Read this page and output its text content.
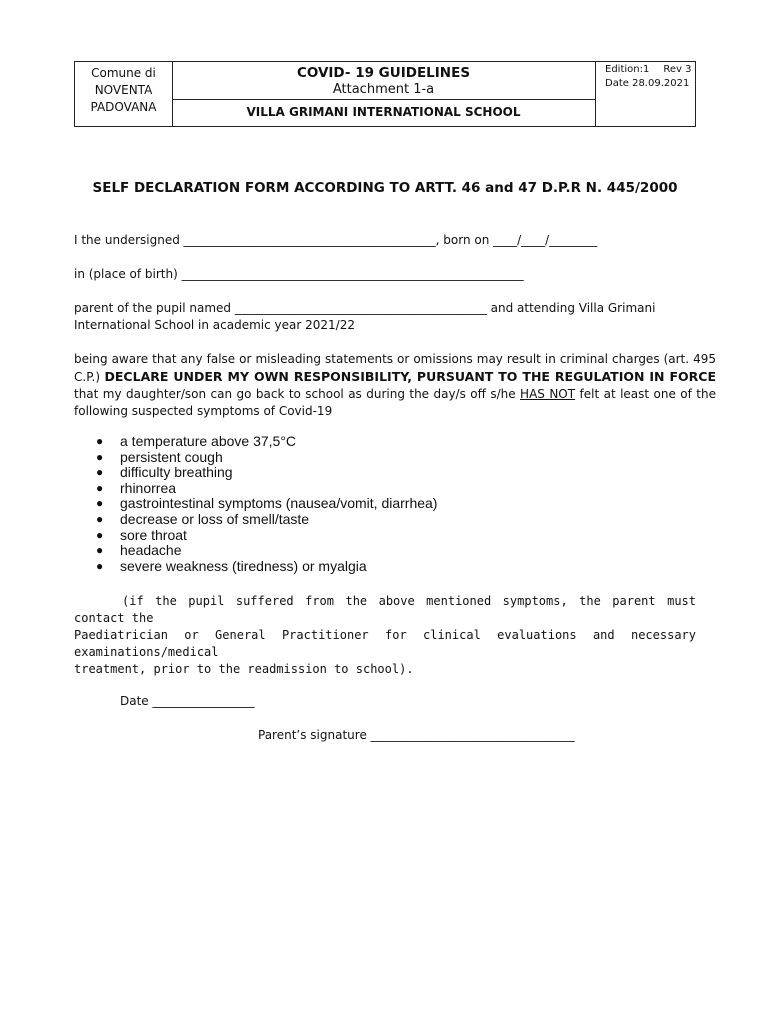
Comune di
NOVENTA
PADOVANA
COVID- 19 GUIDELINES
Attachment 1-a
VILLA GRIMANI INTERNATIONAL SCHOOL
Edition:1 Rev 3
Date 28.09.2021
SELF DECLARATION FORM ACCORDING TO ARTT. 46 and 47 D.P.R N. 445/2000
I the undersigned __________________________________________, born on ____/____/________
in (place of birth) _________________________________________________________
parent of the pupil named __________________________________________ and attending Villa Grimani
International School in academic year 2021/22
being aware that any false or misleading statements or omissions may result in criminal charges (art. 495 C.P.) DECLARE UNDER MY OWN RESPONSIBILITY, PURSUANT TO THE REGULATION IN FORCE that my daughter/son can go back to school as during the day/s off s/he HAS NOT felt at least one of the following suspected symptoms of Covid-19
● a temperature above 37,5°C
● persistent cough
● difficulty breathing
● rhinorrea
● gastrointestinal symptoms (nausea/vomit, diarrhea)
● decrease or loss of smell/taste
● sore throat
● headache
● severe weakness (tiredness) or myalgia
(if the pupil suffered from the above mentioned symptoms, the parent must contact the
Paediatrician or General Practitioner for clinical evaluations and necessary examinations/medical
treatment, prior to the readmission to school).
Date _________________
Parent’s signature __________________________________
